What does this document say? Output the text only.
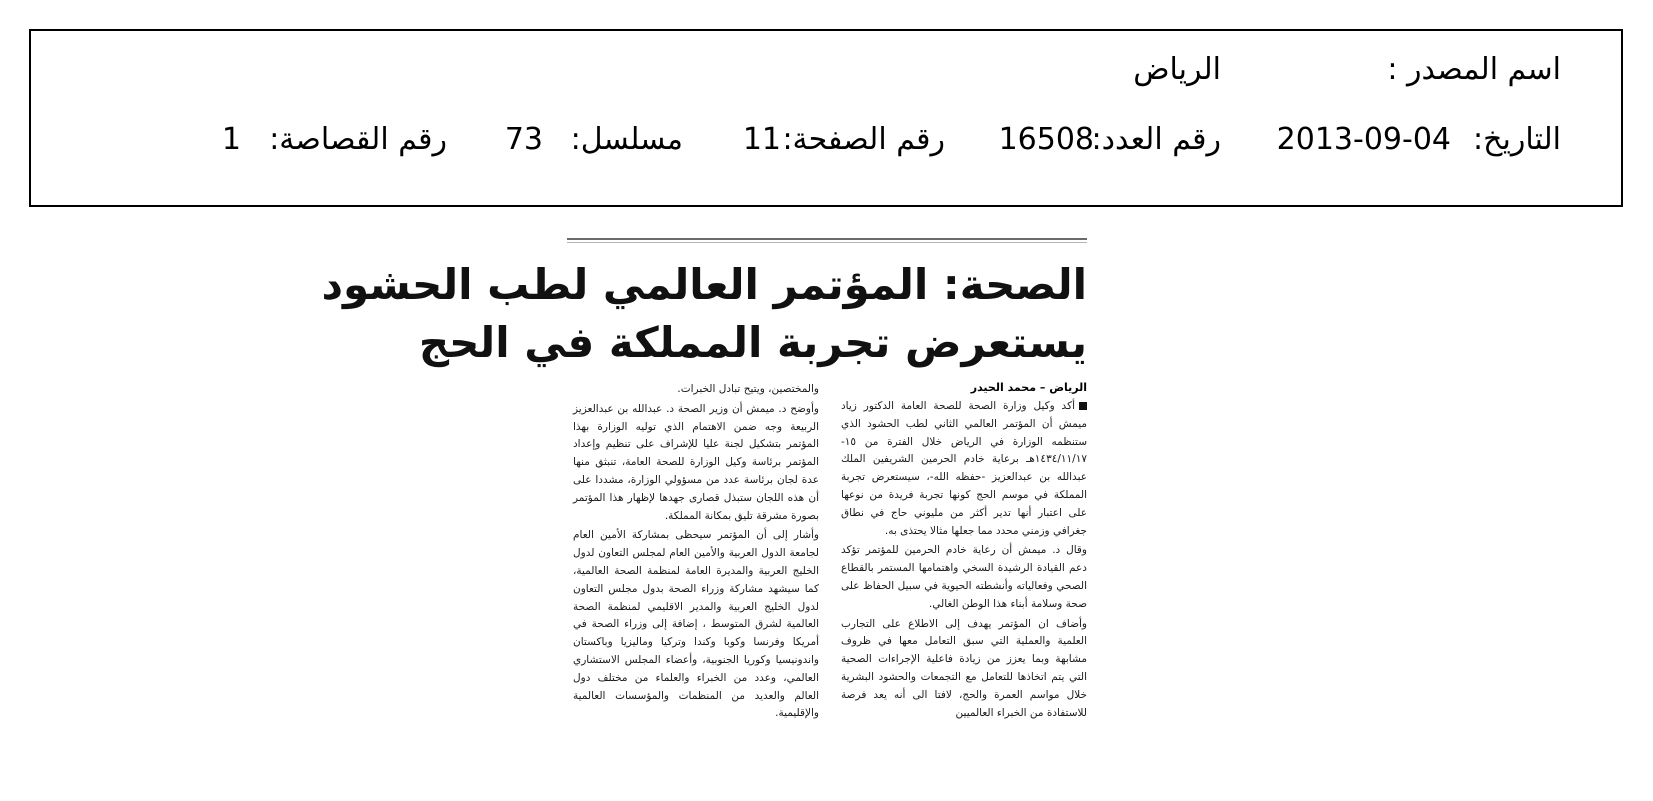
اسم المصدر :
الرياض
التاريخ:
2013-09-04
رقم العدد:
16508
رقم الصفحة:
11
مسلسل:
73
رقم القصاصة:
1
الصحة: المؤتمر العالمي لطب الحشود
يستعرض تجربة المملكة في الحج
الرياض – محمد الحيدر

أكد وكيل وزارة الصحة للصحة العامة الدكتور زياد ميمش أن المؤتمر العالمي الثاني لطب الحشود الذي ستنظمه الوزارة في الرياض خلال الفترة من ١٥- ١٤٣٤/١١/١٧هـ برعاية خادم الحرمين الشريفين الملك عبدالله بن عبدالعزيز -حفظه الله-، سيستعرض تجربة المملكة في موسم الحج كونها تجربة فريدة من نوعها على اعتبار أنها تدير أكثر من مليوني حاج في نطاق جغرافي وزمني محدد مما جعلها مثالا يحتذى به.

وقال د. ميمش أن رعاية خادم الحرمين للمؤتمر تؤكد دعم القيادة الرشيدة السخي واهتمامها المستمر بالقطاع الصحي وفعالياته وأنشطته الحيوية في سبيل الحفاظ على صحة وسلامة أبناء هذا الوطن الغالي.

وأضاف ان المؤتمر يهدف إلى الاطلاع على التجارب العلمية والعملية التي سبق التعامل معها في ظروف مشابهة وبما يعزز من زيادة فاعلية الإجراءات الصحية التي يتم اتخاذها للتعامل مع التجمعات والحشود البشرية خلال مواسم العمرة والحج، لافتا الى أنه يعد فرصة للاستفادة من الخبراء العالميين

والمختصين، ويتيح تبادل الخبرات.

وأوضح د. ميمش أن وزير الصحة د. عبدالله بن عبدالعزيز الربيعة وجه ضمن الاهتمام الذي توليه الوزارة بهذا المؤتمر بتشكيل لجنة عليا للإشراف على تنظيم وإعداد المؤتمر برئاسة وكيل الوزارة للصحة العامة، تنبثق منها عدة لجان برئاسة عدد من مسؤولي الوزارة، مشددا على أن هذه اللجان ستبذل قصارى جهدها لإظهار هذا المؤتمر بصورة مشرقة تليق بمكانة المملكة.

وأشار إلى أن المؤتمر سيحظى بمشاركة الأمين العام لجامعة الدول العربية والأمين العام لمجلس التعاون لدول الخليج العربية والمديرة العامة لمنظمة الصحة العالمية، كما سيشهد مشاركة وزراء الصحة بدول مجلس التعاون لدول الخليج العربية والمدير الاقليمي لمنظمة الصحة العالمية لشرق المتوسط ، إضافة إلى وزراء الصحة في أمريكا وفرنسا وكوبا وكندا وتركيا وماليزيا وباكستان واندونيسيا وكوريا الجنوبية، وأعضاء المجلس الاستشاري العالمي، وعدد من الخبراء والعلماء من مختلف دول العالم والعديد من المنظمات والمؤسسات العالمية والإقليمية.
